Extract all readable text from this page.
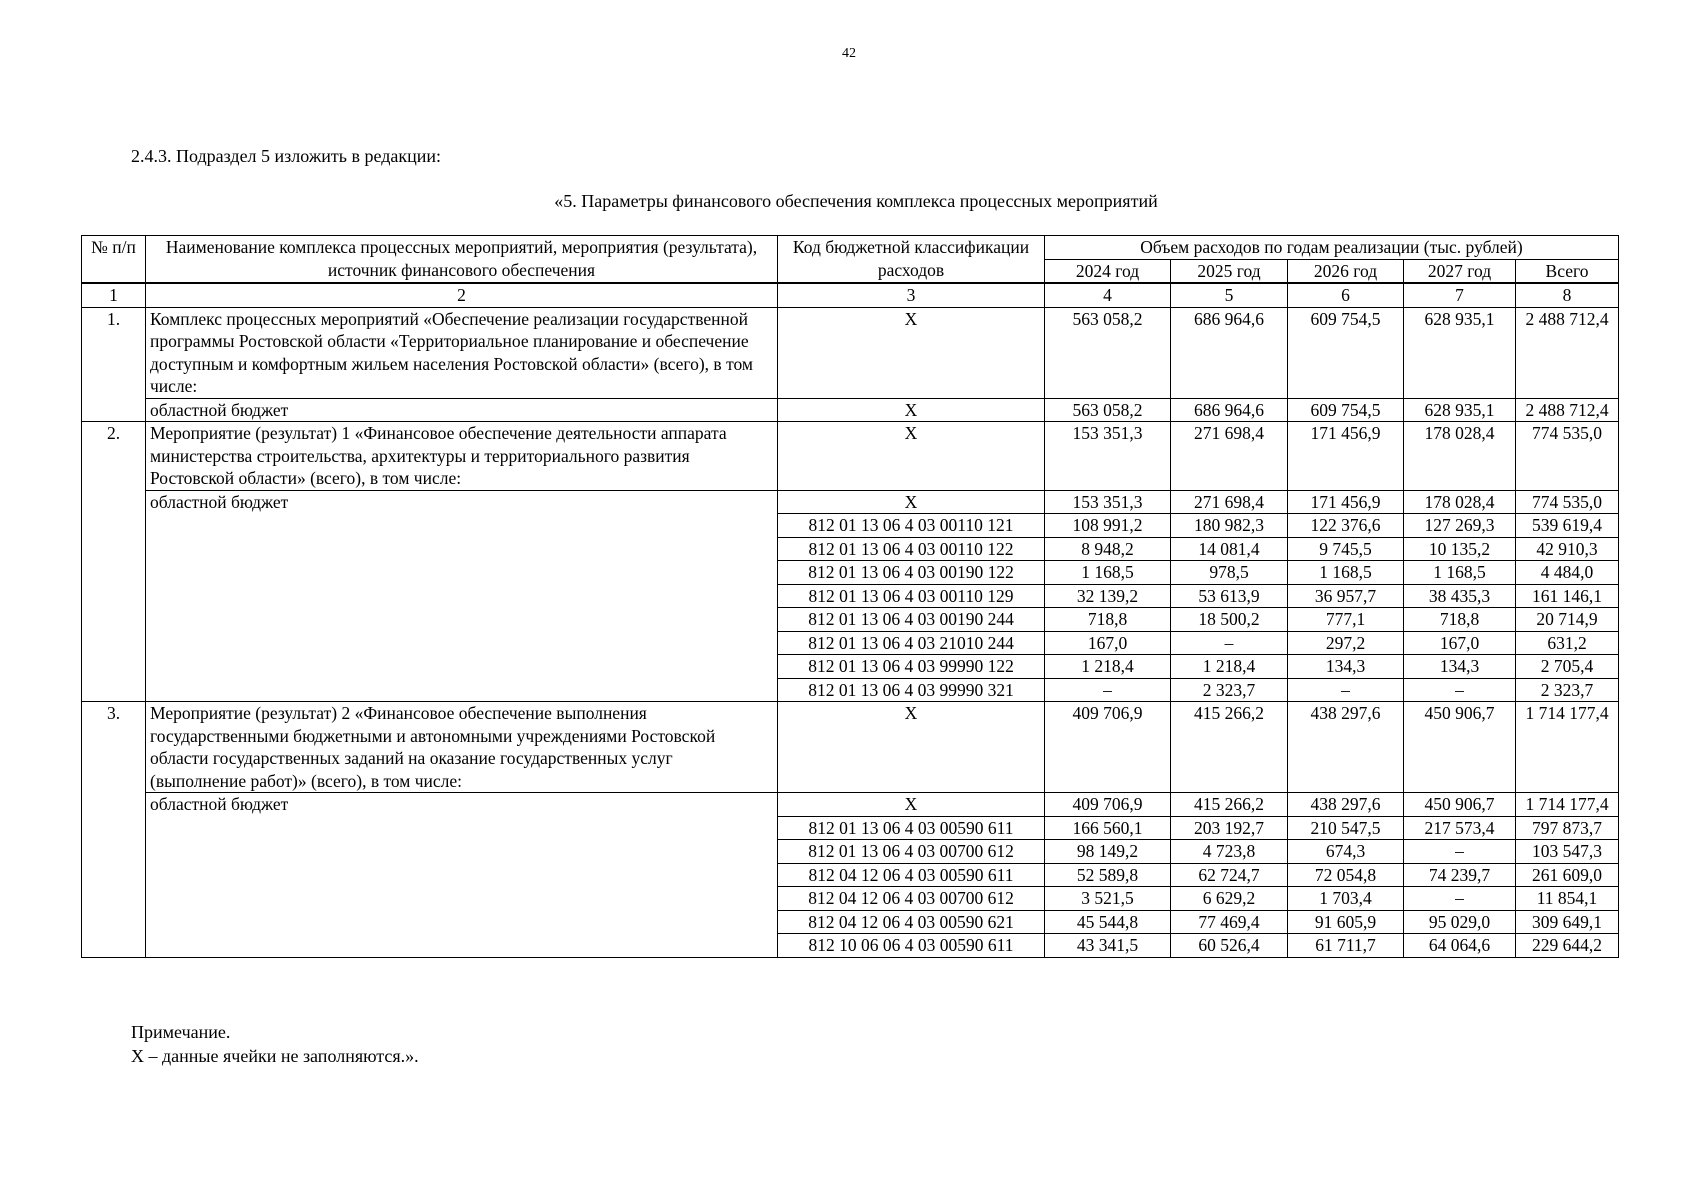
42
2.4.3. Подраздел 5 изложить в редакции:
«5. Параметры финансового обеспечения комплекса процессных мероприятий
№ п/п	Наименование комплекса процессных мероприятий, мероприятия (результата), источник финансового обеспечения	Код бюджетной классификации расходов	Объем расходов по годам реализации (тыс. рублей)				
			2024 год	2025 год	2026 год	2027 год	Всего
1	2	3	4	5	6	7	8
1.	Комплекс процессных мероприятий «Обеспечение реализации государственной программы Ростовской области «Территориальное планирование и обеспечение доступным и комфортным жильем населения Ростовской области» (всего), в том числе:	Х	563 058,2	686 964,6	609 754,5	628 935,1	2 488 712,4
	областной бюджет	Х	563 058,2	686 964,6	609 754,5	628 935,1	2 488 712,4
2.	Мероприятие (результат) 1 «Финансовое обеспечение деятельности аппарата министерства строительства, архитектуры и территориального развития Ростовской области» (всего), в том числе:	Х	153 351,3	271 698,4	171 456,9	178 028,4	774 535,0
	областной бюджет	Х	153 351,3	271 698,4	171 456,9	178 028,4	774 535,0
		812 01 13 06 4 03 00110 121	108 991,2	180 982,3	122 376,6	127 269,3	539 619,4
		812 01 13 06 4 03 00110 122	8 948,2	14 081,4	9 745,5	10 135,2	42 910,3
		812 01 13 06 4 03 00190 122	1 168,5	978,5	1 168,5	1 168,5	4 484,0
		812 01 13 06 4 03 00110 129	32 139,2	53 613,9	36 957,7	38 435,3	161 146,1
		812 01 13 06 4 03 00190 244	718,8	18 500,2	777,1	718,8	20 714,9
		812 01 13 06 4 03 21010 244	167,0	–	297,2	167,0	631,2
		812 01 13 06 4 03 99990 122	1 218,4	1 218,4	134,3	134,3	2 705,4
		812 01 13 06 4 03 99990 321	–	2 323,7	–	–	2 323,7
3.	Мероприятие (результат) 2 «Финансовое обеспечение выполнения государственными бюджетными и автономными учреждениями Ростовской области государственных заданий на оказание государственных услуг (выполнение работ)» (всего), в том числе:	Х	409 706,9	415 266,2	438 297,6	450 906,7	1 714 177,4
	областной бюджет	Х	409 706,9	415 266,2	438 297,6	450 906,7	1 714 177,4
		812 01 13 06 4 03 00590 611	166 560,1	203 192,7	210 547,5	217 573,4	797 873,7
		812 01 13 06 4 03 00700 612	98 149,2	4 723,8	674,3	–	103 547,3
		812 04 12 06 4 03 00590 611	52 589,8	62 724,7	72 054,8	74 239,7	261 609,0
		812 04 12 06 4 03 00700 612	3 521,5	6 629,2	1 703,4	–	11 854,1
		812 04 12 06 4 03 00590 621	45 544,8	77 469,4	91 605,9	95 029,0	309 649,1
		812 10 06 06 4 03 00590 611	43 341,5	60 526,4	61 711,7	64 064,6	229 644,2
Примечание.
Х – данные ячейки не заполняются.».
